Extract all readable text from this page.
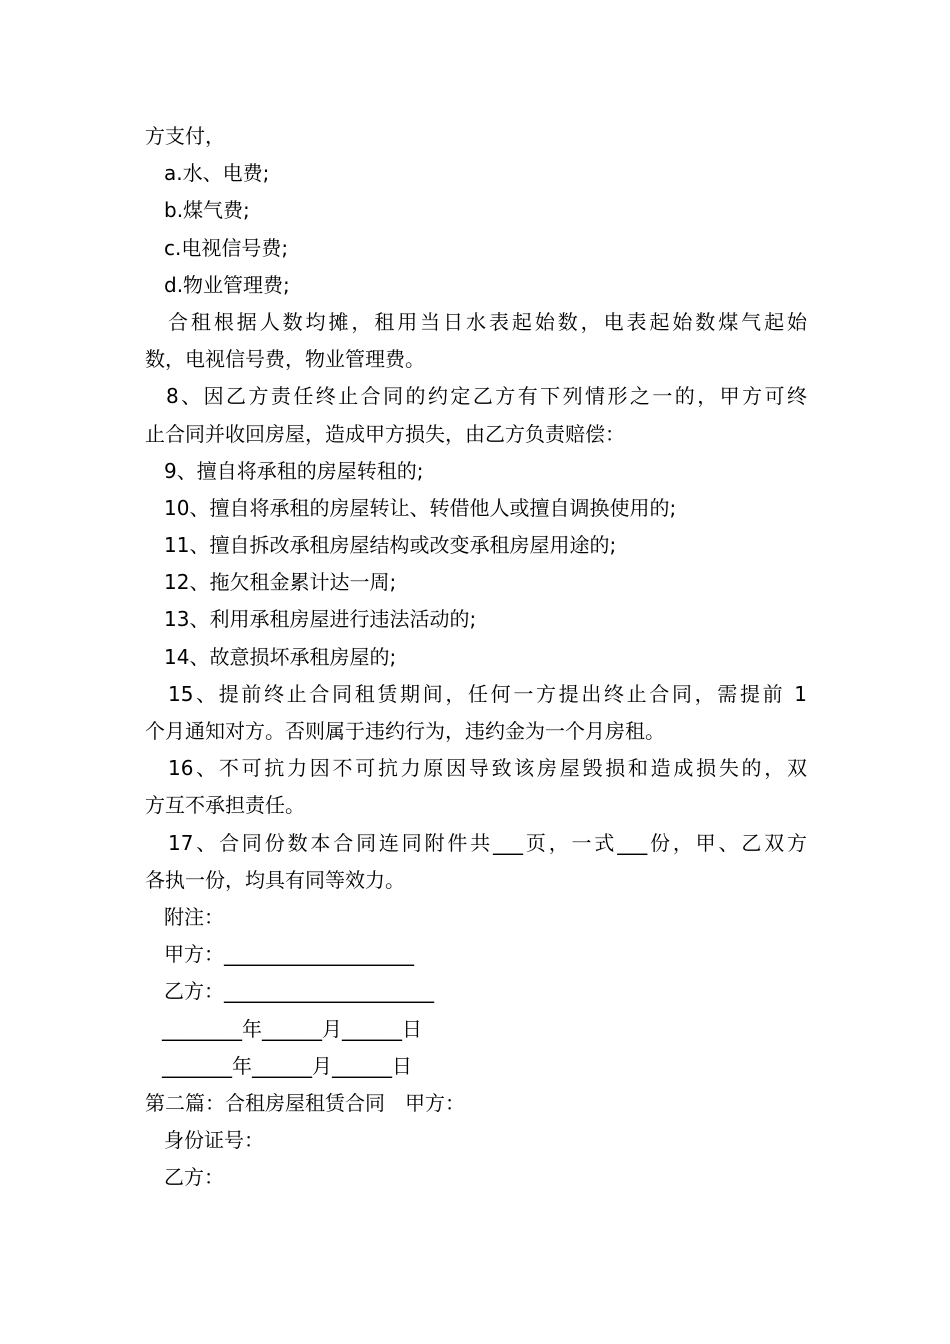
方支付，
a.水、电费;
b.煤气费;
c.电视信号费;
d.物业管理费;
合租根据人数均摊，租用当日水表起始数，电表起始数煤气起始
数，电视信号费，物业管理费。
8、因乙方责任终止合同的约定乙方有下列情形之一的，甲方可终
止合同并收回房屋，造成甲方损失，由乙方负责赔偿：
9、擅自将承租的房屋转租的;
10、擅自将承租的房屋转让、转借他人或擅自调换使用的;
11、擅自拆改承租房屋结构或改变承租房屋用途的;
12、拖欠租金累计达一周;
13、利用承租房屋进行违法活动的;
14、故意损坏承租房屋的;
15、提前终止合同租赁期间，任何一方提出终止合同，需提前 1
个月通知对方。否则属于违约行为，违约金为一个月房租。
16、不可抗力因不可抗力原因导致该房屋毁损和造成损失的，双
方互不承担责任。
17、合同份数本合同连同附件共___页，一式___份，甲、乙双方
各执一份，均具有同等效力。
附注：
甲方：___________________
乙方：_____________________
________年______月______日
_______年______月______日
第二篇：合租房屋租赁合同 甲方：
身份证号：
乙方：
